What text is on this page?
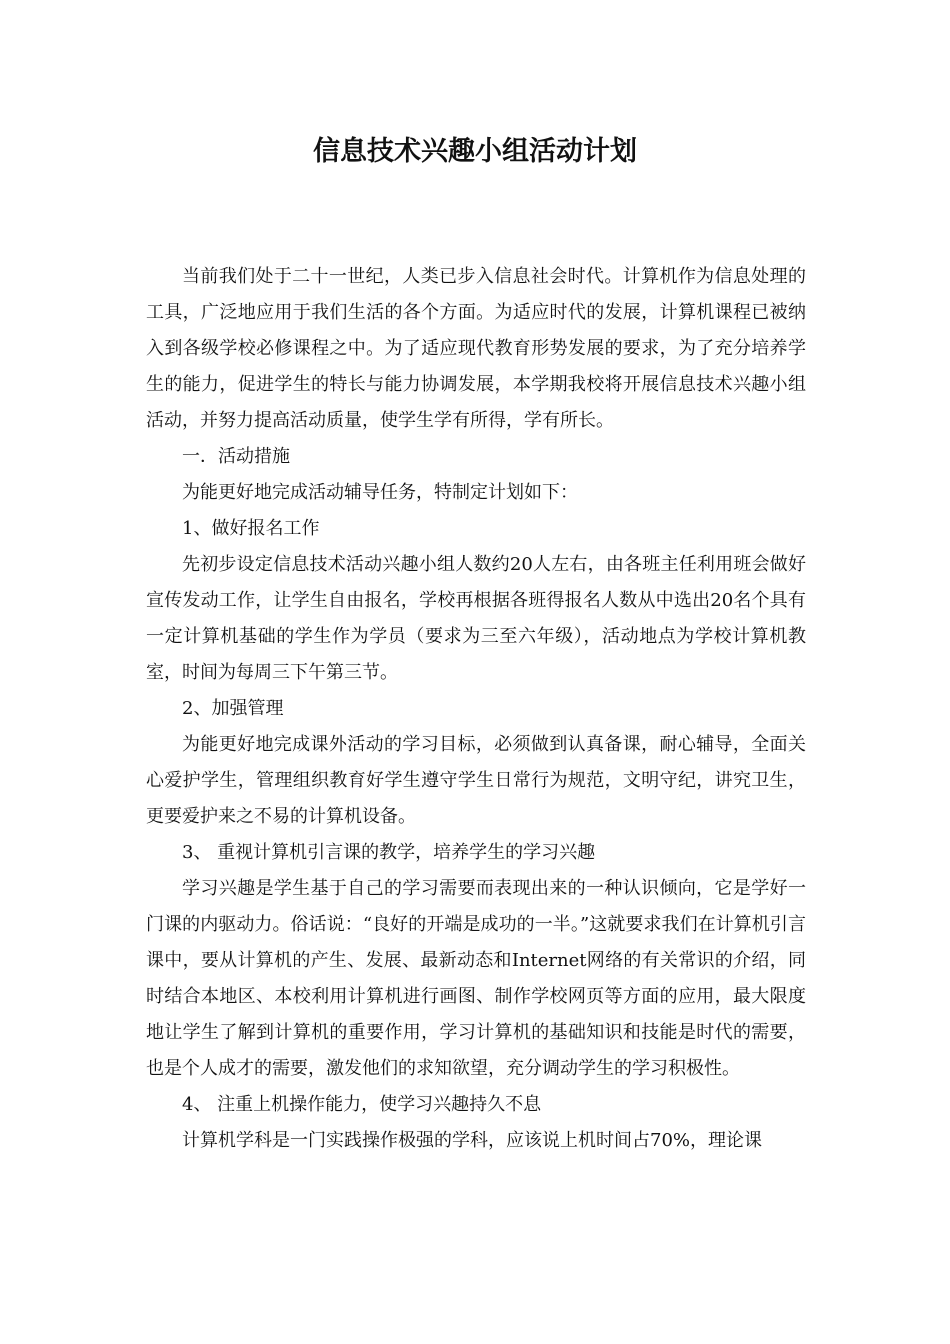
信息技术兴趣小组活动计划

当前我们处于二十一世纪，人类已步入信息社会时代。计算机作为信息处理的工具，广泛地应用于我们生活的各个方面。为适应时代的发展，计算机课程已被纳入到各级学校必修课程之中。为了适应现代教育形势发展的要求，为了充分培养学生的能力，促进学生的特长与能力协调发展，本学期我校将开展信息技术兴趣小组活动，并努力提高活动质量，使学生学有所得，学有所长。

一．活动措施

为能更好地完成活动辅导任务，特制定计划如下：

1、做好报名工作

先初步设定信息技术活动兴趣小组人数约20人左右，由各班主任利用班会做好宣传发动工作，让学生自由报名，学校再根据各班得报名人数从中选出20名个具有一定计算机基础的学生作为学员（要求为三至六年级），活动地点为学校计算机教室，时间为每周三下午第三节。

2、加强管理

为能更好地完成课外活动的学习目标，必须做到认真备课，耐心辅导，全面关心爱护学生，管理组织教育好学生遵守学生日常行为规范，文明守纪，讲究卫生，更要爱护来之不易的计算机设备。

3、 重视计算机引言课的教学，培养学生的学习兴趣

学习兴趣是学生基于自己的学习需要而表现出来的一种认识倾向，它是学好一门课的内驱动力。俗话说：“良好的开端是成功的一半。”这就要求我们在计算机引言课中，要从计算机的产生、发展、最新动态和Internet网络的有关常识的介绍，同时结合本地区、本校利用计算机进行画图、制作学校网页等方面的应用，最大限度地让学生了解到计算机的重要作用，学习计算机的基础知识和技能是时代的需要，也是个人成才的需要，激发他们的求知欲望，充分调动学生的学习积极性。

4、 注重上机操作能力，使学习兴趣持久不息

计算机学科是一门实践操作极强的学科，应该说上机时间占70%，理论课
